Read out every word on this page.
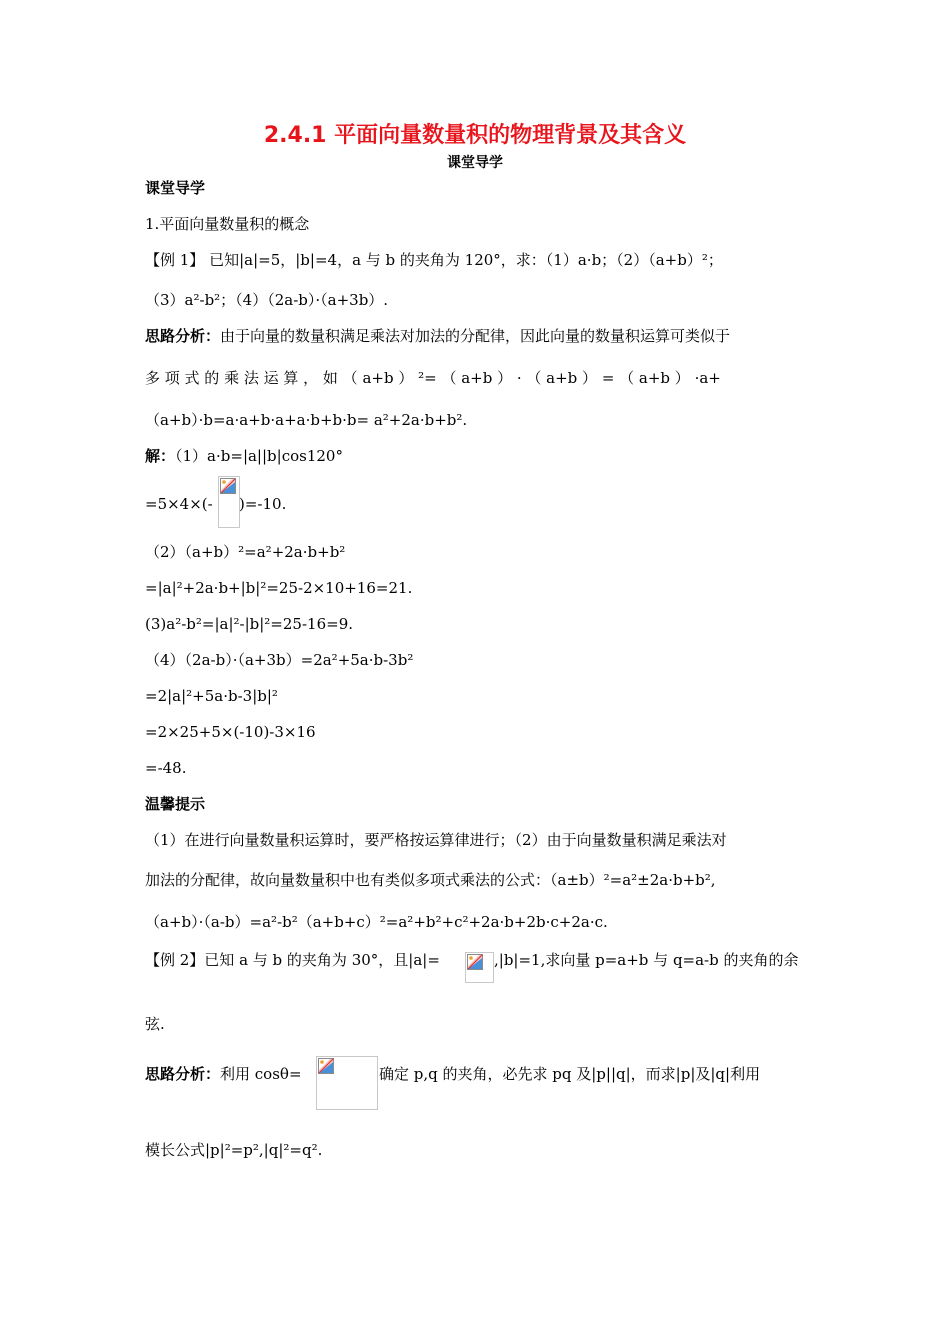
2.4.1 平面向量数量积的物理背景及其含义
课堂导学
课堂导学
1.平面向量数量积的概念
【例 1】 已知|a|=5，|b|=4，a 与 b 的夹角为 120°，求：（1）a·b；（2）（a+b）²；
（3）a²-b²；（4）（2a-b）·（a+3b）.
思路分析：由于向量的数量积满足乘法对加法的分配律，因此向量的数量积运算可类似于
多 项 式 的 乘 法 运 算 ， 如 （ a+b ） ²= （ a+b ） · （ a+b ） = （ a+b ） ·a+
（a+b）·b=a·a+b·a+a·b+b·b= a²+2a·b+b².
解：（1）a·b=|a||b|cos120°
=5×4×(- )=-10.
（2）（a+b）²=a²+2a·b+b²
=|a|²+2a·b+|b|²=25-2×10+16=21.
(3)a²-b²=|a|²-|b|²=25-16=9.
（4）（2a-b）·（a+3b）=2a²+5a·b-3b²
=2|a|²+5a·b-3|b|²
=2×25+5×(-10)-3×16
=-48.
温馨提示
（1）在进行向量数量积运算时，要严格按运算律进行；（2）由于向量数量积满足乘法对
加法的分配律，故向量数量积中也有类似多项式乘法的公式：（a±b）²=a²±2a·b+b²,
（a+b）·（a-b）=a²-b²（a+b+c）²=a²+b²+c²+2a·b+2b·c+2a·c.
【例 2】已知 a 与 b 的夹角为 30°，且|a|=	,|b|=1,求向量 p=a+b 与 q=a-b 的夹角的余
弦.
思路分析：利用 cosθ=	确定 p,q 的夹角，必先求 pq 及|p||q|，而求|p|及|q|利用
模长公式|p|²=p²,|q|²=q².
